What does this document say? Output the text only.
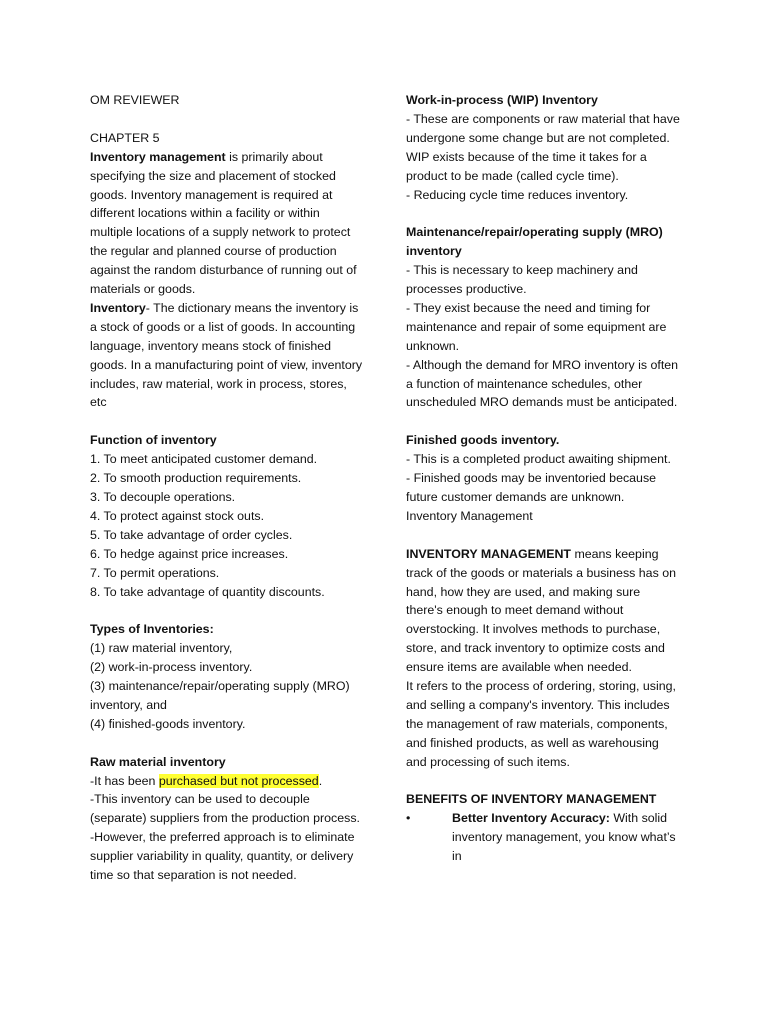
OM REVIEWER

CHAPTER 5

Inventory management is primarily about specifying the size and placement of stocked goods. Inventory management is required at different locations within a facility or within multiple locations of a supply network to protect the regular and planned course of production against the random disturbance of running out of materials or goods.

Inventory- The dictionary means the inventory is a stock of goods or a list of goods. In accounting language, inventory means stock of finished goods. In a manufacturing point of view, inventory includes, raw material, work in process, stores, etc

Function of inventory

1. To meet anticipated customer demand.

2. To smooth production requirements.

3. To decouple operations.

4. To protect against stock outs.

5. To take advantage of order cycles.

6. To hedge against price increases.

7. To permit operations.

8. To take advantage of quantity discounts.

Types of Inventories:

(1) raw material inventory,

(2) work-in-process inventory.

(3) maintenance/repair/operating supply (MRO) inventory, and

(4) finished-goods inventory.

Raw material inventory

-It has been purchased but not processed.

-This inventory can be used to decouple (separate) suppliers from the production process.

-However, the preferred approach is to eliminate supplier variability in quality, quantity, or delivery time so that separation is not needed.

Work-in-process (WIP) Inventory

- These are components or raw material that have undergone some change but are not completed. WIP exists because of the time it takes for a product to be made (called cycle time).

- Reducing cycle time reduces inventory.

Maintenance/repair/operating supply (MRO) inventory

- This is necessary to keep machinery and processes productive.

- They exist because the need and timing for maintenance and repair of some equipment are unknown.

- Although the demand for MRO inventory is often a function of maintenance schedules, other unscheduled MRO demands must be anticipated.

Finished goods inventory.

- This is a completed product awaiting shipment.

- Finished goods may be inventoried because future customer demands are unknown.

Inventory Management

INVENTORY MANAGEMENT means keeping track of the goods or materials a business has on hand, how they are used, and making sure there's enough to meet demand without overstocking. It involves methods to purchase, store, and track inventory to optimize costs and ensure items are available when needed.

It refers to the process of ordering, storing, using, and selling a company's inventory. This includes the management of raw materials, components, and finished products, as well as warehousing and processing of such items.

BENEFITS OF INVENTORY MANAGEMENT

•	Better Inventory Accuracy: With solid inventory management, you know what’s in
